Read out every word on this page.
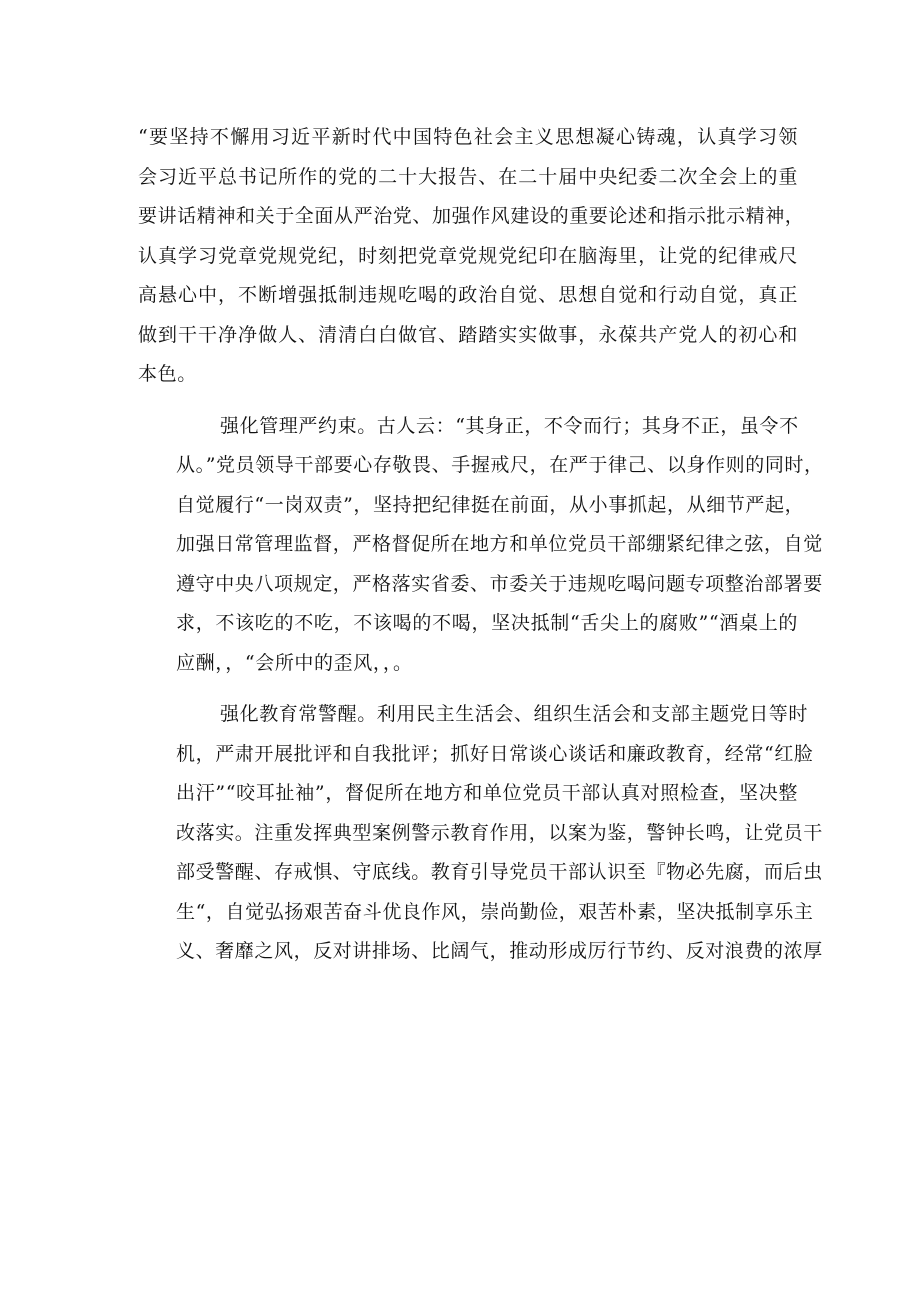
“要坚持不懈用习近平新时代中国特色社会主义思想凝心铸魂，认真学习领
会习近平总书记所作的党的二十大报告、在二十届中央纪委二次全会上的重
要讲话精神和关于全面从严治党、加强作风建设的重要论述和指示批示精神，
认真学习党章党规党纪，时刻把党章党规党纪印在脑海里，让党的纪律戒尺
高悬心中，不断增强抵制违规吃喝的政治自觉、思想自觉和行动自觉，真正
做到干干净净做人、清清白白做官、踏踏实实做事，永葆共产党人的初心和
本色。
强化管理严约束。古人云：“其身正，不令而行；其身不正，虽令不
从。”党员领导干部要心存敬畏、手握戒尺，在严于律己、以身作则的同时，
自觉履行“一岗双责”，坚持把纪律挺在前面，从小事抓起，从细节严起，
加强日常管理监督，严格督促所在地方和单位党员干部绷紧纪律之弦，自觉
遵守中央八项规定，严格落实省委、市委关于违规吃喝问题专项整治部署要
求，不该吃的不吃，不该喝的不喝，坚决抵制“舌尖上的腐败”“酒桌上的
应酬，，“会所中的歪风，，。
强化教育常警醒。利用民主生活会、组织生活会和支部主题党日等时
机，严肃开展批评和自我批评；抓好日常谈心谈话和廉政教育，经常“红脸
出汗”“咬耳扯袖”，督促所在地方和单位党员干部认真对照检查，坚决整
改落实。注重发挥典型案例警示教育作用，以案为鉴，警钟长鸣，让党员干
部受警醒、存戒惧、守底线。教育引导党员干部认识至『物必先腐，而后虫
生“，自觉弘扬艰苦奋斗优良作风，崇尚勤俭，艰苦朴素，坚决抵制享乐主
义、奢靡之风，反对讲排场、比阔气，推动形成厉行节约、反对浪费的浓厚
